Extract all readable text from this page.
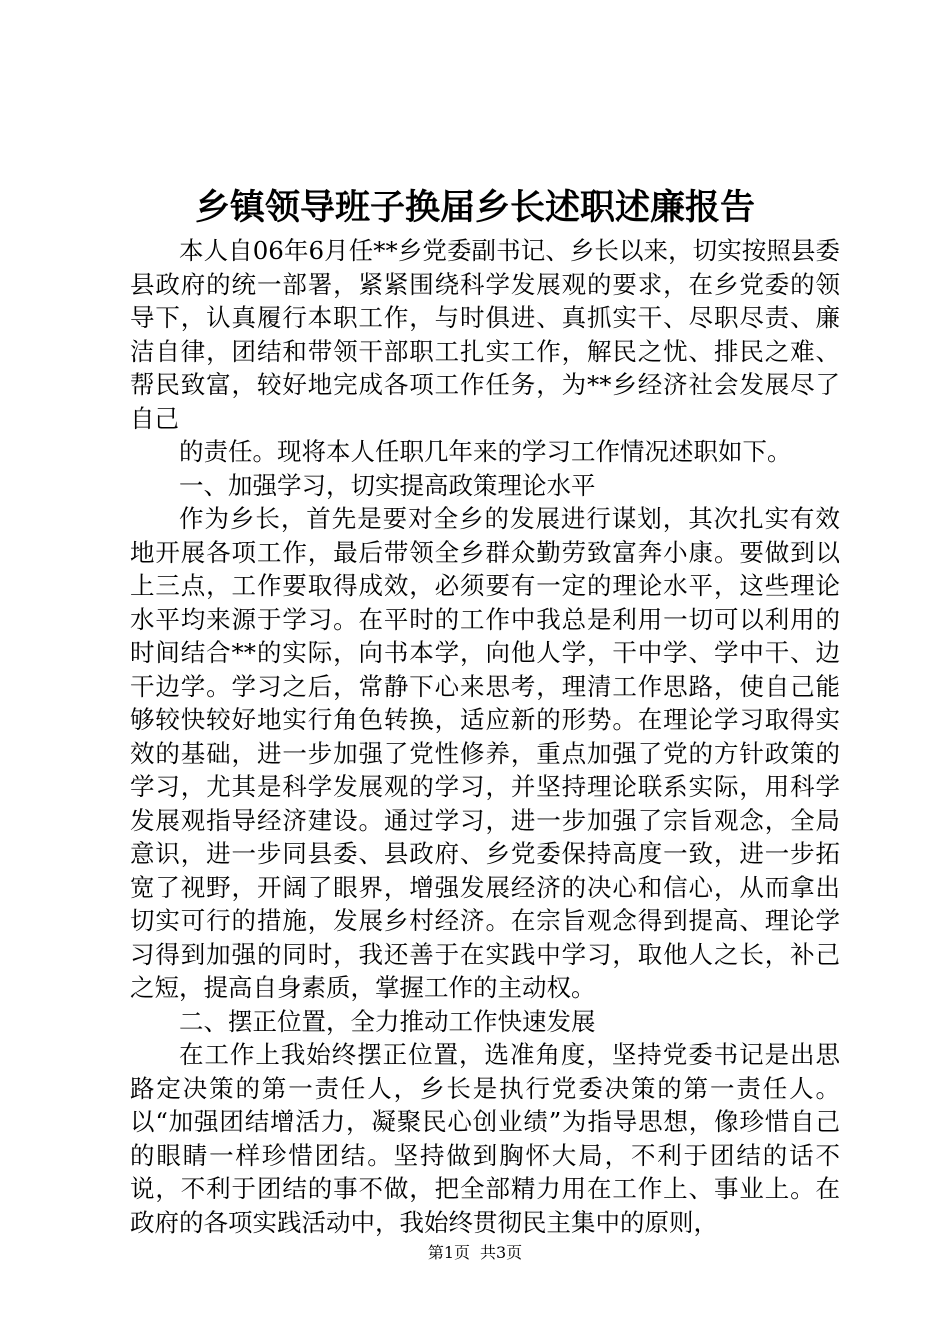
乡镇领导班子换届乡长述职述廉报告

本人自06年6月任**乡党委副书记、乡长以来，切实按照县委县政府的统一部署，紧紧围绕科学发展观的要求，在乡党委的领导下，认真履行本职工作，与时俱进、真抓实干、尽职尽责、廉洁自律，团结和带领干部职工扎实工作，解民之忧、排民之难、帮民致富，较好地完成各项工作任务，为**乡经济社会发展尽了自己

的责任。现将本人任职几年来的学习工作情况述职如下。

一、加强学习，切实提高政策理论水平

作为乡长，首先是要对全乡的发展进行谋划，其次扎实有效地开展各项工作，最后带领全乡群众勤劳致富奔小康。要做到以上三点，工作要取得成效，必须要有一定的理论水平，这些理论水平均来源于学习。在平时的工作中我总是利用一切可以利用的时间结合**的实际，向书本学，向他人学，干中学、学中干、边干边学。学习之后，常静下心来思考，理清工作思路，使自己能够较快较好地实行角色转换，适应新的形势。在理论学习取得实效的基础，进一步加强了党性修养，重点加强了党的方针政策的学习，尤其是科学发展观的学习，并坚持理论联系实际，用科学发展观指导经济建设。通过学习，进一步加强了宗旨观念，全局意识，进一步同县委、县政府、乡党委保持高度一致，进一步拓宽了视野，开阔了眼界，增强发展经济的决心和信心，从而拿出切实可行的措施，发展乡村经济。在宗旨观念得到提高、理论学习得到加强的同时，我还善于在实践中学习，取他人之长，补己之短，提高自身素质，掌握工作的主动权。

二、摆正位置，全力推动工作快速发展

在工作上我始终摆正位置，选准角度，坚持党委书记是出思路定决策的第一责任人，乡长是执行党委决策的第一责任人。以“加强团结增活力，凝聚民心创业绩”为指导思想，像珍惜自己的眼睛一样珍惜团结。坚持做到胸怀大局，不利于团结的话不说，不利于团结的事不做，把全部精力用在工作上、事业上。在政府的各项实践活动中，我始终贯彻民主集中的原则，

第1页 共3页
